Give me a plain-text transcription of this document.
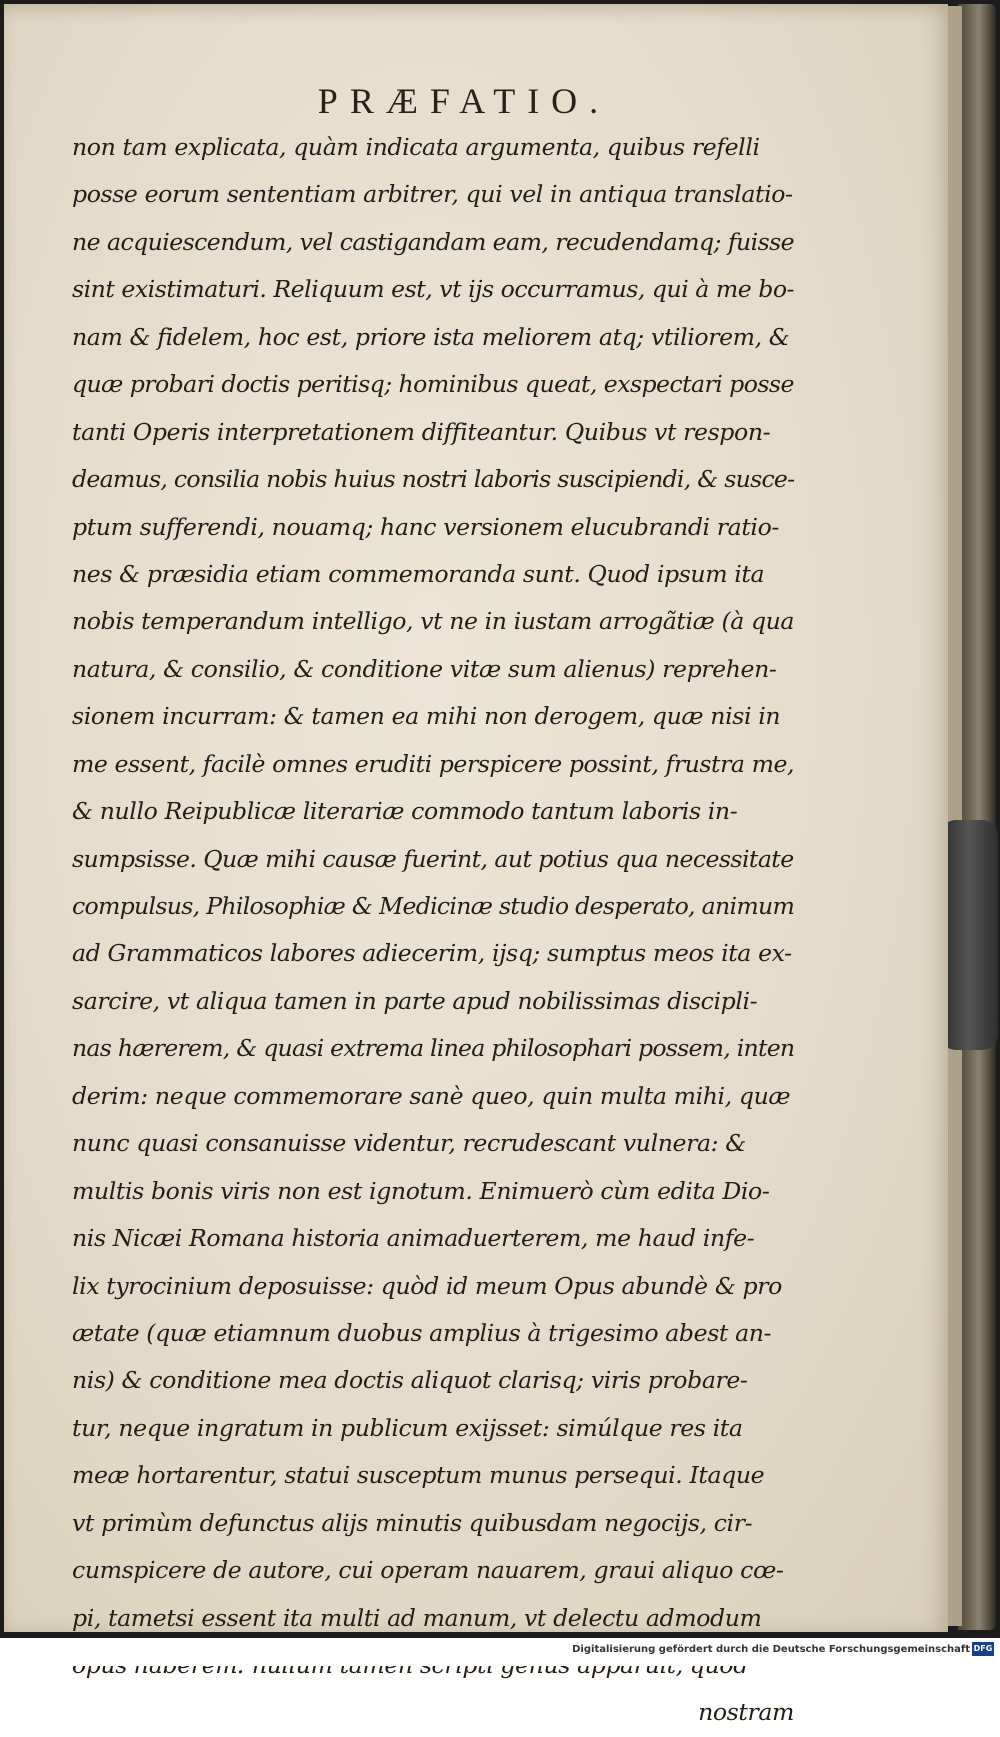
PRÆFATIO.
non tam explicata, quàm indicata argumenta, quibus refelli
posse eorum sententiam arbitrer, qui vel in antiqua translatio-
ne acquiescendum, vel castigandam eam, recudendamq; fuisse
sint existimaturi. Reliquum est, vt ijs occurramus, qui à me bo-
nam & fidelem, hoc est, priore ista meliorem atq; vtiliorem, &
quæ probari doctis peritisq; hominibus queat, exspectari posse
tanti Operis interpretationem diffiteantur. Quibus vt respon-
deamus, consilia nobis huius nostri laboris suscipiendi, & susce-
ptum sufferendi, nouamq; hanc versionem elucubrandi ratio-
nes & præsidia etiam commemoranda sunt. Quod ipsum ita
nobis temperandum intelligo, vt ne in iustam arrogãtiæ (à qua
natura, & consilio, & conditione vitæ sum alienus) reprehen-
sionem incurram: & tamen ea mihi non derogem, quæ nisi in
me essent, facilè omnes eruditi perspicere possint, frustra me,
& nullo Reipublicæ literariæ commodo tantum laboris in-
sumpsisse. Quæ mihi causæ fuerint, aut potius qua necessitate
compulsus, Philosophiæ & Medicinæ studio desperato, animum
ad Grammaticos labores adiecerim, ijsq; sumptus meos ita ex-
sarcire, vt aliqua tamen in parte apud nobilissimas discipli-
nas hærerem, & quasi extrema linea philosophari possem, inten
derim: neque commemorare sanè queo, quin multa mihi, quæ
nunc quasi consanuisse videntur, recrudescant vulnera: &
multis bonis viris non est ignotum. Enimuerò cùm edita Dio-
nis Nicæi Romana historia animaduerterem, me haud infe-
lix tyrocinium deposuisse: quòd id meum Opus abundè & pro
ætate (quæ etiamnum duobus amplius à trigesimo abest an-
nis) & conditione mea doctis aliquot clarisq; viris probare-
tur, neque ingratum in publicum exijsset: simúlque res ita
meæ hortarentur, statui susceptum munus persequi. Itaque
vt primùm defunctus alijs minutis quibusdam negocijs, cir-
cumspicere de autore, cui operam nauarem, graui aliquo cœ-
pi, tametsi essent ita multi ad manum, vt delectu admodum
nostram
Digitalisierung gefördert durch die Deutsche Forschungsgemeinschaft DFG
